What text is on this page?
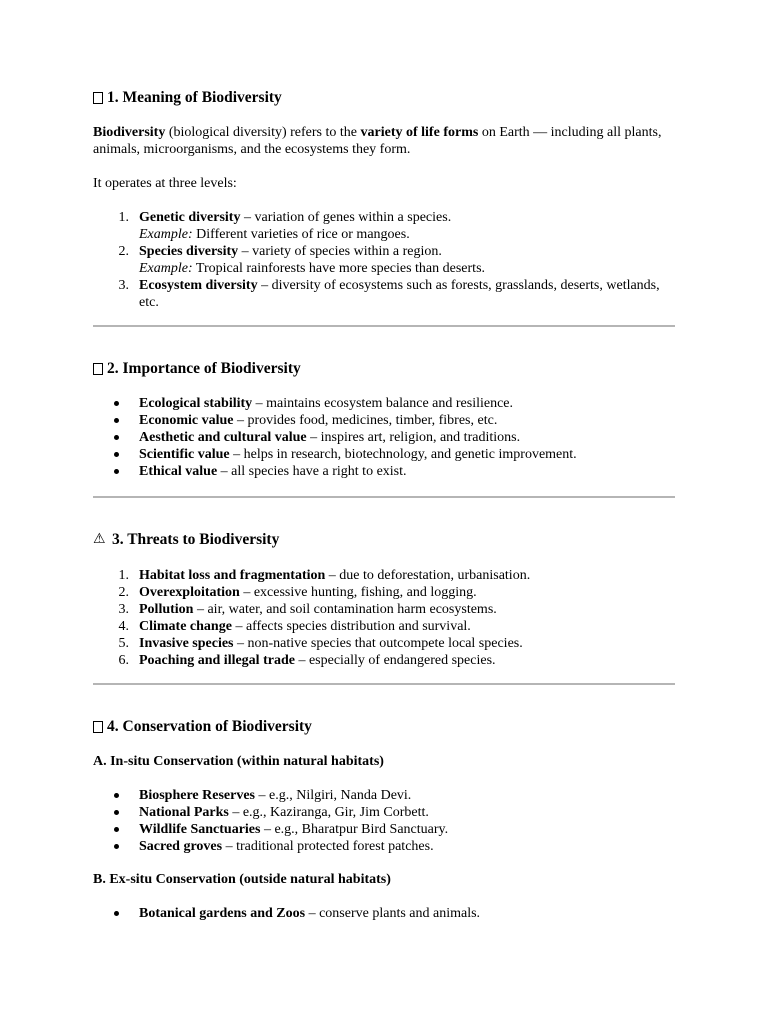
1. Meaning of Biodiversity

Biodiversity (biological diversity) refers to the variety of life forms on Earth — including all plants, animals, microorganisms, and the ecosystems they form.

It operates at three levels:

1. Genetic diversity – variation of genes within a species.
Example: Different varieties of rice or mangoes.
2. Species diversity – variety of species within a region.
Example: Tropical rainforests have more species than deserts.
3. Ecosystem diversity – diversity of ecosystems such as forests, grasslands, deserts, wetlands, etc.
2. Importance of Biodiversity
Ecological stability – maintains ecosystem balance and resilience.
Economic value – provides food, medicines, timber, fibres, etc.
Aesthetic and cultural value – inspires art, religion, and traditions.
Scientific value – helps in research, biotechnology, and genetic improvement.
Ethical value – all species have a right to exist.
⚠ 3. Threats to Biodiversity
1. Habitat loss and fragmentation – due to deforestation, urbanisation.
2. Overexploitation – excessive hunting, fishing, and logging.
3. Pollution – air, water, and soil contamination harm ecosystems.
4. Climate change – affects species distribution and survival.
5. Invasive species – non-native species that outcompete local species.
6. Poaching and illegal trade – especially of endangered species.
4. Conservation of Biodiversity

A. In-situ Conservation (within natural habitats)

Biosphere Reserves – e.g., Nilgiri, Nanda Devi.
National Parks – e.g., Kaziranga, Gir, Jim Corbett.
Wildlife Sanctuaries – e.g., Bharatpur Bird Sanctuary.
Sacred groves – traditional protected forest patches.

B. Ex-situ Conservation (outside natural habitats)

Botanical gardens and Zoos – conserve plants and animals.
